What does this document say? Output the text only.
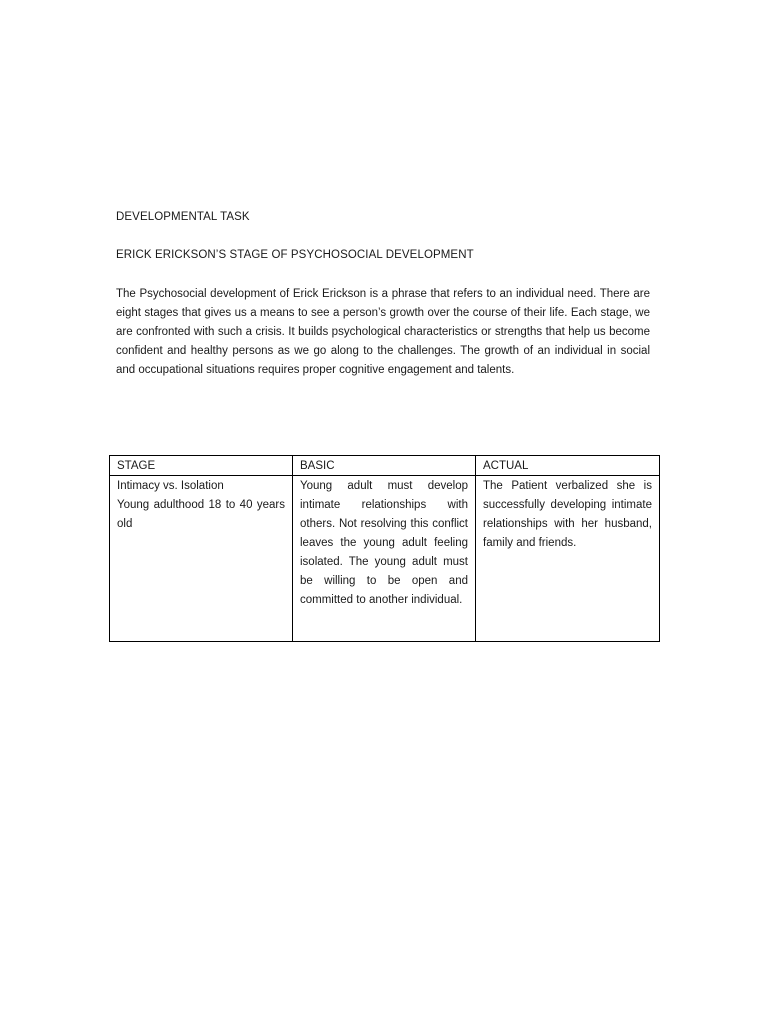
DEVELOPMENTAL TASK
ERICK ERICKSON’S STAGE OF PSYCHOSOCIAL DEVELOPMENT

The Psychosocial development of Erick Erickson is a phrase that refers to an individual need. There are eight stages that gives us a means to see a person’s growth over the course of their life. Each stage, we are confronted with such a crisis. It builds psychological characteristics or strengths that help us become confident and healthy persons as we go along to the challenges. The growth of an individual in social and occupational situations requires proper cognitive engagement and talents.

STAGE	BASIC	ACTUAL

Intimacy vs. Isolation
Young adulthood 18 to 40 years old	Young adult must develop intimate relationships with others. Not resolving this conflict leaves the young adult feeling isolated. The young adult must be willing to be open and committed to another individual.	The Patient verbalized she is successfully developing intimate relationships with her husband, family and friends.
